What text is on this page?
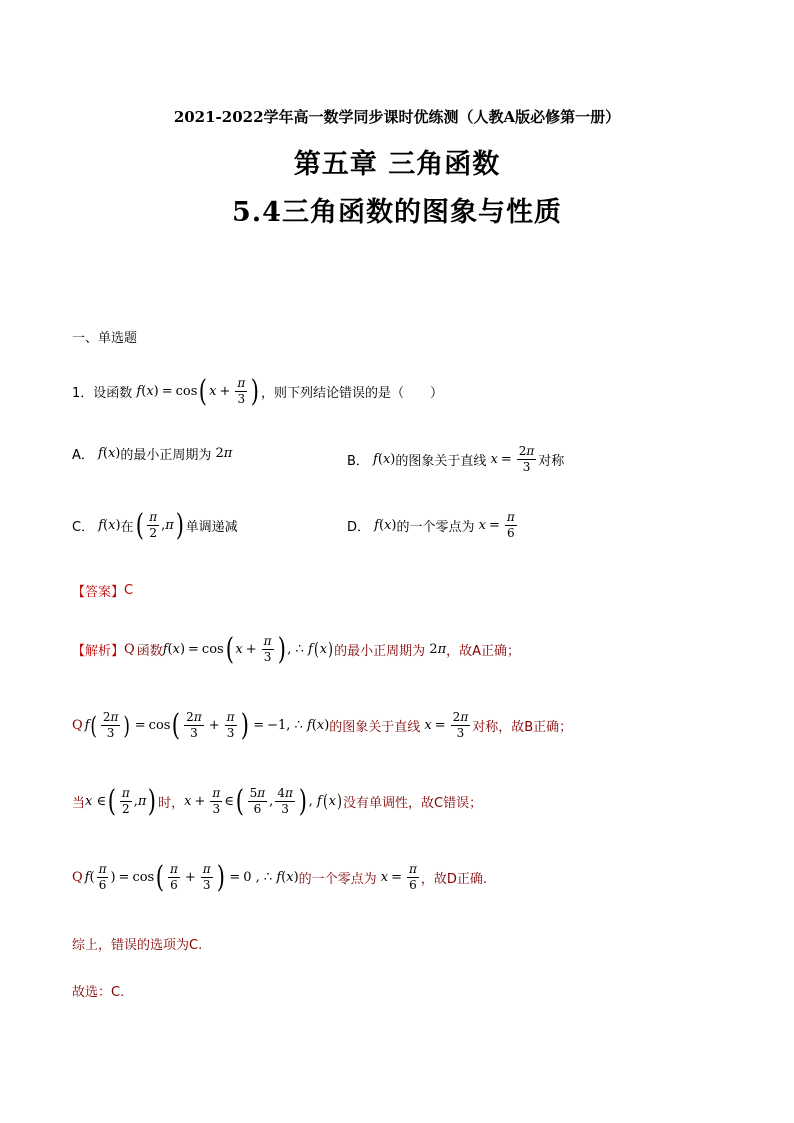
2021-2022学年高一数学同步课时优练测（人教A版必修第一册）
第五章 三角函数
5.4三角函数的图象与性质
一、单选题
1．设函数 f ( x ) = cos ( $x + \frac{\pi}{3}$ ) ，则下列结论错误的是（　　）
A． f ( x ) 的最小正周期为 2 π
B． f ( x ) 的图象关于直线 $x = \frac{2\pi}{3}$ 对称
C． f ( x ) 在 ( $\frac{\pi}{2}$ , π ) 单调递减	D． f ( x ) 的一个零点为 $x = \frac{\pi}{6}$
【答案】 C
【解析】 Q 函数 f ( x ) = cos ( $x + \frac{\pi}{3}$ ) , ∴ f ( x ) 的最小正周期为 2 π ，故A正确；
Q f ( $\frac{2\pi}{3}$ ) = cos ( $\frac{2\pi}{3} + \frac{\pi}{3}$ ) = −1, ∴ f ( x ) 的图象关于直线 $x = \frac{2\pi}{3}$ 对称，故B正确；
当 x ∈ ( $\frac{\pi}{2}$ , π ) 时， $x + \frac{\pi}{3}$ ∈ ( $\frac{5\pi}{6}$ , $\frac{4\pi}{3}$ ) , f ( x ) 没有单调性，故C错误；
Q f ( $\frac{\pi}{6}$ ) = cos ( $\frac{\pi}{6} + \frac{\pi}{3}$ ) = 0 , ∴ f ( x ) 的一个零点为 $x = \frac{\pi}{6}$ ，故D正确.
综上，错误的选项为C.
故选：C.
